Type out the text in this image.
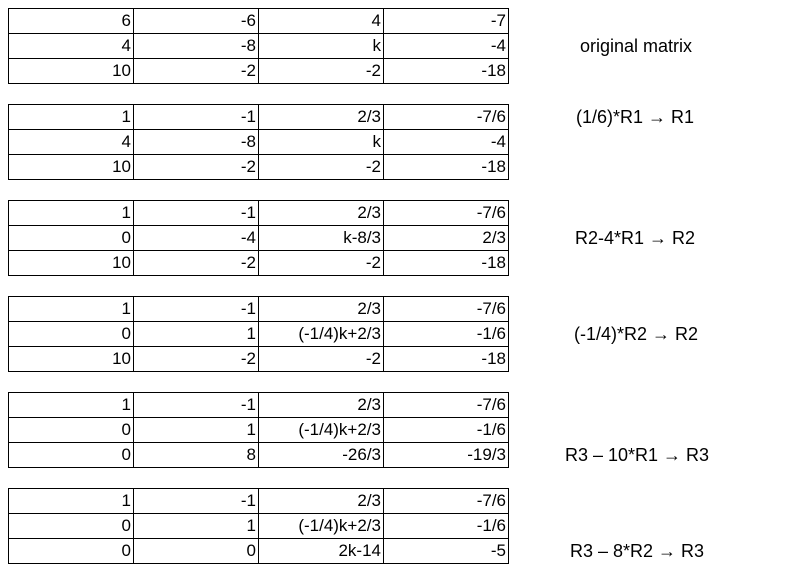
6	-6	4	-7
4	-8	k	-4
10	-2	-2	-18
original matrix
1	-1	2/3	-7/6
4	-8	k	-4
10	-2	-2	-18
(1/6)*R1 → R1
1	-1	2/3	-7/6
0	-4	k-8/3	2/3
10	-2	-2	-18
R2-4*R1 → R2
1	-1	2/3	-7/6
0	1	(-1/4)k+2/3	-1/6
10	-2	-2	-18
(-1/4)*R2 → R2
1	-1	2/3	-7/6
0	1	(-1/4)k+2/3	-1/6
0	8	-26/3	-19/3	R3 – 10*R1 → R3
1	-1	2/3	-7/6
0	1	(-1/4)k+2/3	-1/6
0	0	2k-14	-5	R3 – 8*R2 → R3
